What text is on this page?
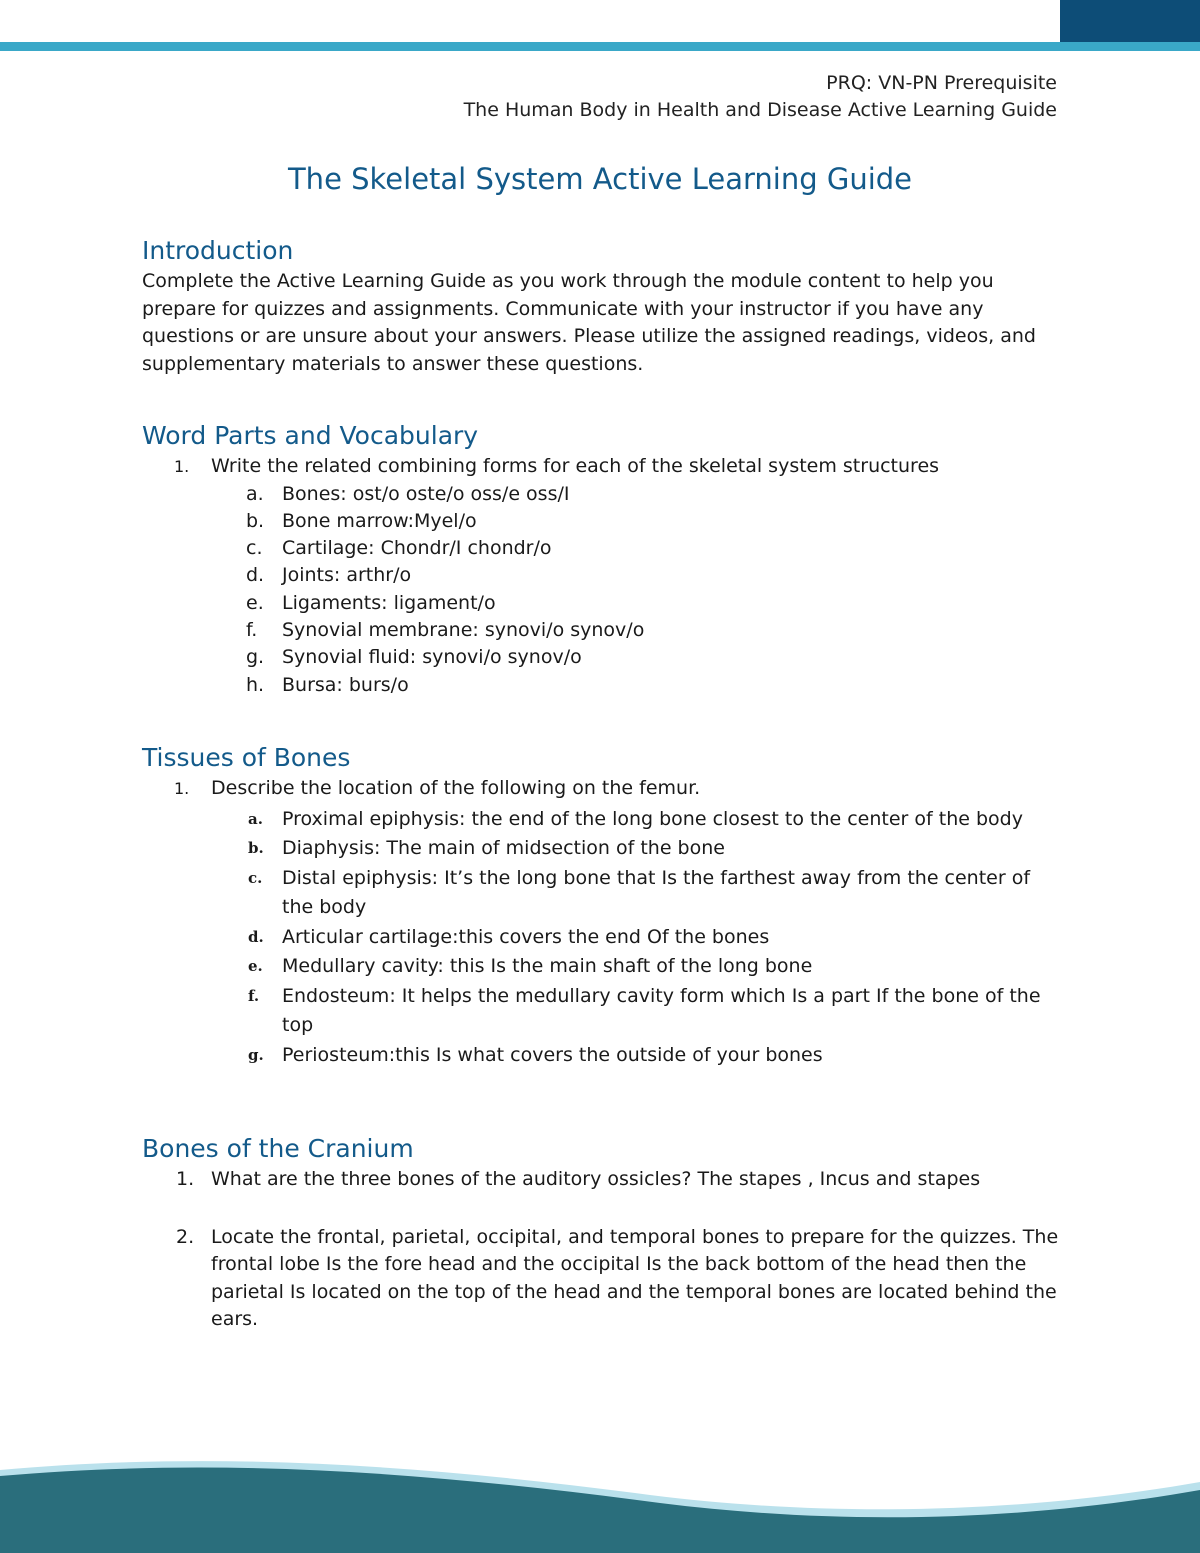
PRQ: VN-PN Prerequisite
The Human Body in Health and Disease Active Learning Guide
The Skeletal System Active Learning Guide
Introduction

Complete the Active Learning Guide as you work through the module content to help you prepare for quizzes and assignments. Communicate with your instructor if you have any questions or are unsure about your answers. Please utilize the assigned readings, videos, and supplementary materials to answer these questions.

Word Parts and Vocabulary
1. Write the related combining forms for each of the skeletal system structures
a. Bones: ost/o oste/o oss/e oss/I
b. Bone marrow:Myel/o
c. Cartilage: Chondr/I chondr/o
d. Joints: arthr/o
e. Ligaments: ligament/o
f. Synovial membrane: synovi/o synov/o
g. Synovial fluid: synovi/o synov/o
h. Bursa: burs/o
Tissues of Bones
1. Describe the location of the following on the femur.
a. Proximal epiphysis: the end of the long bone closest to the center of the body
b. Diaphysis: The main of midsection of the bone
c. Distal epiphysis: It’s the long bone that Is the farthest away from the center of the body
d. Articular cartilage:this covers the end Of the bones
e. Medullary cavity: this Is the main shaft of the long bone
f. Endosteum: It helps the medullary cavity form which Is a part If the bone of the top
g. Periosteum:this Is what covers the outside of your bones
Bones of the Cranium
1. What are the three bones of the auditory ossicles? The stapes , Incus and stapes
2. Locate the frontal, parietal, occipital, and temporal bones to prepare for the quizzes. The frontal lobe Is the fore head and the occipital Is the back bottom of the head then the parietal Is located on the top of the head and the temporal bones are located behind the ears.
